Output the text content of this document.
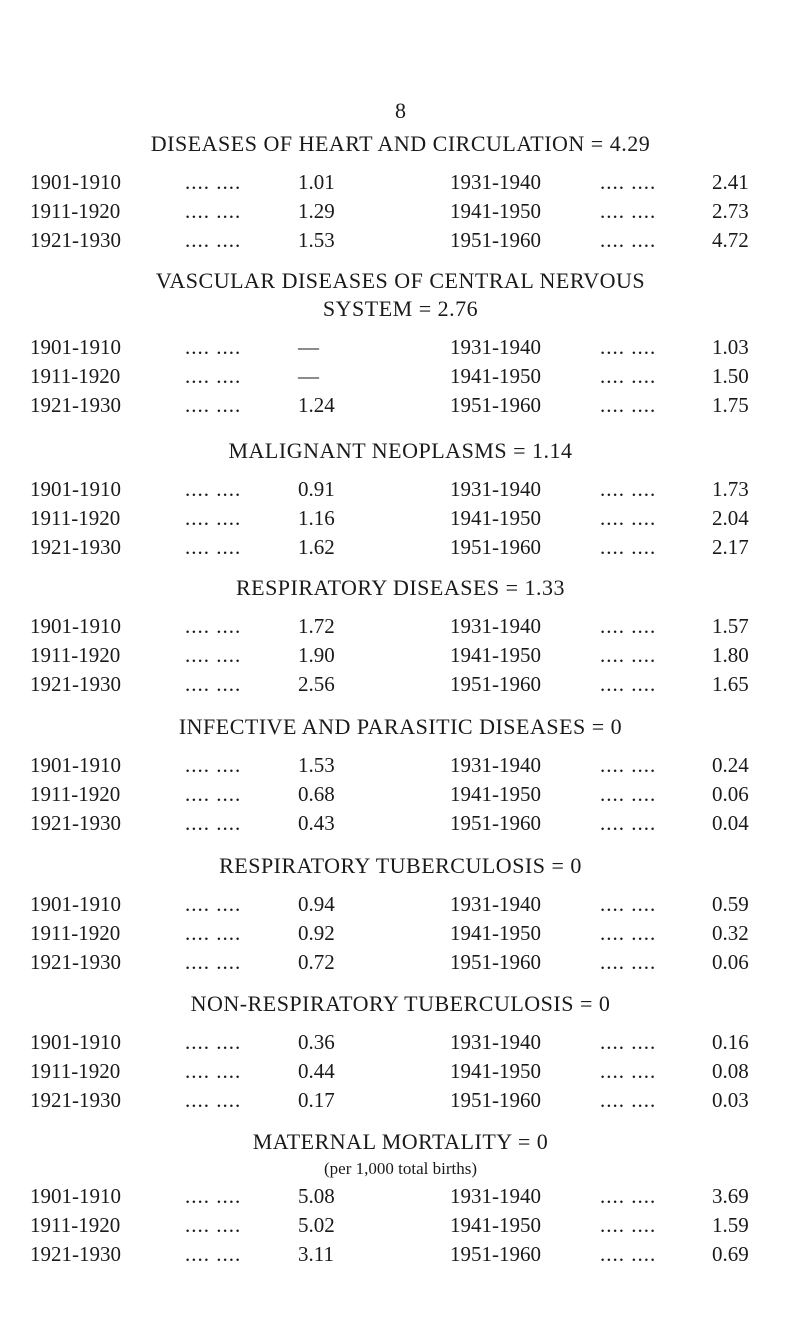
8
DISEASES OF HEART AND CIRCULATION = 4.29
1901-1910	.... ....	1.01	1931-1940	.... ....	2.41
1911-1920	.... ....	1.29	1941-1950	.... ....	2.73
1921-1930	.... ....	1.53	1951-1960	.... ....	4.72
VASCULAR DISEASES OF CENTRAL NERVOUS
SYSTEM = 2.76
1901-1910	.... ....	—	1931-1940	.... ....	1.03
1911-1920	.... ....	—	1941-1950	.... ....	1.50
1921-1930	.... ....	1.24	1951-1960	.... ....	1.75
MALIGNANT NEOPLASMS = 1.14
1901-1910	.... ....	0.91	1931-1940	.... ....	1.73
1911-1920	.... ....	1.16	1941-1950	.... ....	2.04
1921-1930	.... ....	1.62	1951-1960	.... ....	2.17
RESPIRATORY DISEASES = 1.33
1901-1910	.... ....	1.72	1931-1940	.... ....	1.57
1911-1920	.... ....	1.90	1941-1950	.... ....	1.80
1921-1930	.... ....	2.56	1951-1960	.... ....	1.65
INFECTIVE AND PARASITIC DISEASES = 0
1901-1910	.... ....	1.53	1931-1940	.... ....	0.24
1911-1920	.... ....	0.68	1941-1950	.... ....	0.06
1921-1930	.... ....	0.43	1951-1960	.... ....	0.04
RESPIRATORY TUBERCULOSIS = 0
1901-1910	.... ....	0.94	1931-1940	.... ....	0.59
1911-1920	.... ....	0.92	1941-1950	.... ....	0.32
1921-1930	.... ....	0.72	1951-1960	.... ....	0.06
NON-RESPIRATORY TUBERCULOSIS = 0
1901-1910	.... ....	0.36	1931-1940	.... ....	0.16
1911-1920	.... ....	0.44	1941-1950	.... ....	0.08
1921-1930	.... ....	0.17	1951-1960	.... ....	0.03
MATERNAL MORTALITY = 0
(per 1,000 total births)
1901-1910	.... ....	5.08	1931-1940	.... ....	3.69
1911-1920	.... ....	5.02	1941-1950	.... ....	1.59
1921-1930	.... ....	3.11	1951-1960	.... ....	0.69
